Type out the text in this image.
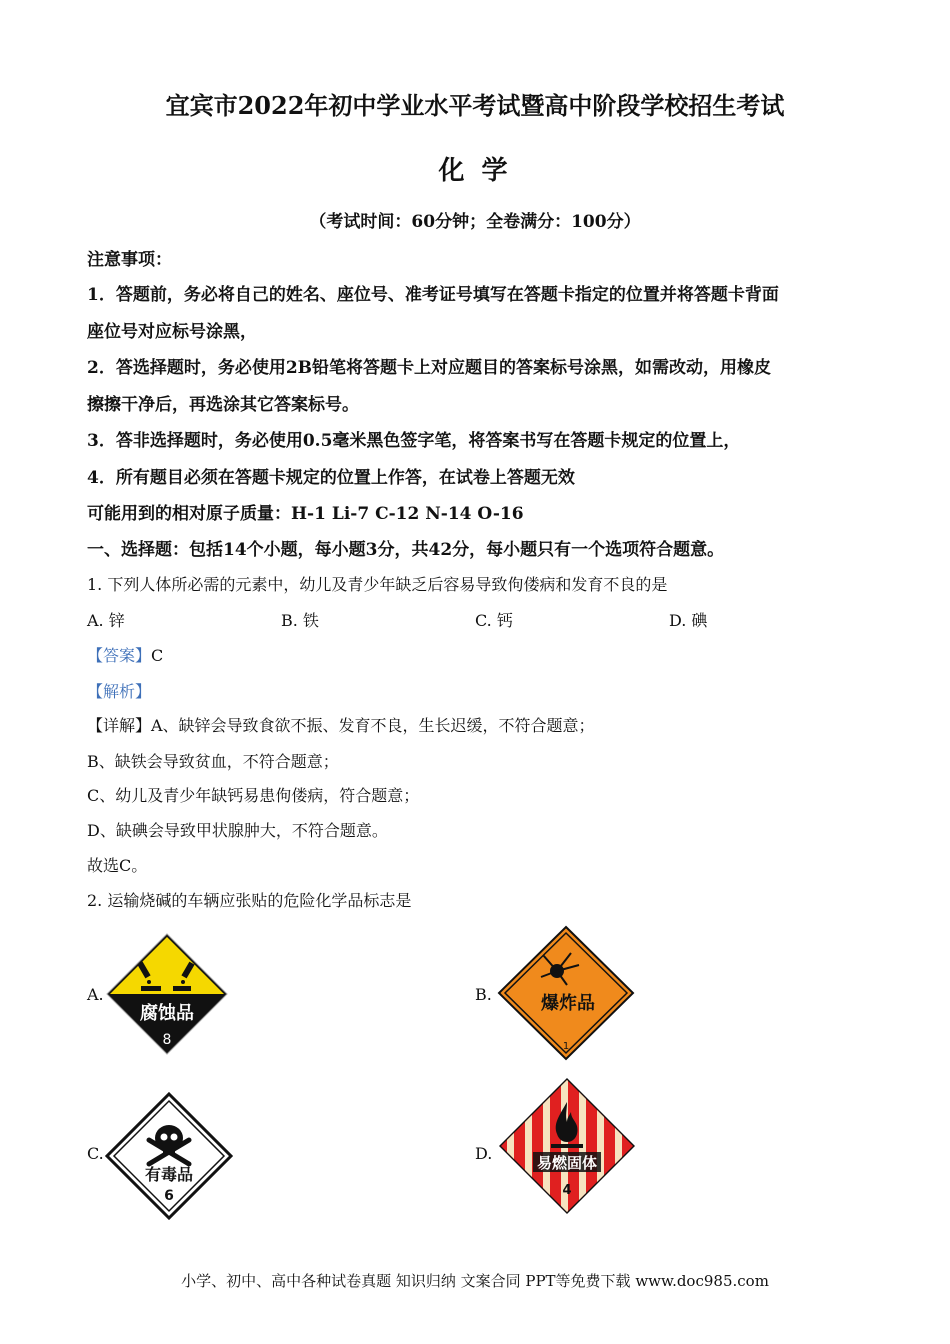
宜宾市2022年初中学业水平考试暨高中阶段学校招生考试
化 学
（考试时间：60分钟；全卷满分：100分）
注意事项：
1．答题前，务必将自己的姓名、座位号、准考证号填写在答题卡指定的位置并将答题卡背面
座位号对应标号涂黑，
2．答选择题时，务必使用2B铅笔将答题卡上对应题目的答案标号涂黑，如需改动，用橡皮
擦擦干净后，再选涂其它答案标号。
3．答非选择题时，务必使用0.5毫米黑色签字笔，将答案书写在答题卡规定的位置上，
4．所有题目必须在答题卡规定的位置上作答，在试卷上答题无效
可能用到的相对原子质量：H-1 Li-7 C-12 N-14 O-16
一、选择题：包括14个小题，每小题3分，共42分，每小题只有一个选项符合题意。
1. 下列人体所必需的元素中，幼儿及青少年缺乏后容易导致佝偻病和发育不良的是
A. 锌	B. 铁	C. 钙	D. 碘
【答案】C
【解析】
【详解】A、缺锌会导致食欲不振、发育不良，生长迟缓，不符合题意；
B、缺铁会导致贫血，不符合题意；
C、幼儿及青少年缺钙易患佝偻病，符合题意；
D、缺碘会导致甲状腺肿大，不符合题意。
故选C。
2. 运输烧碱的车辆应张贴的危险化学品标志是
A.	B.
C.	D.
腐蚀品
8
爆炸品
1
有毒品
6
易燃固体
4
小学、初中、高中各种试卷真题 知识归纳 文案合同 PPT等免费下载 www.doc985.com
